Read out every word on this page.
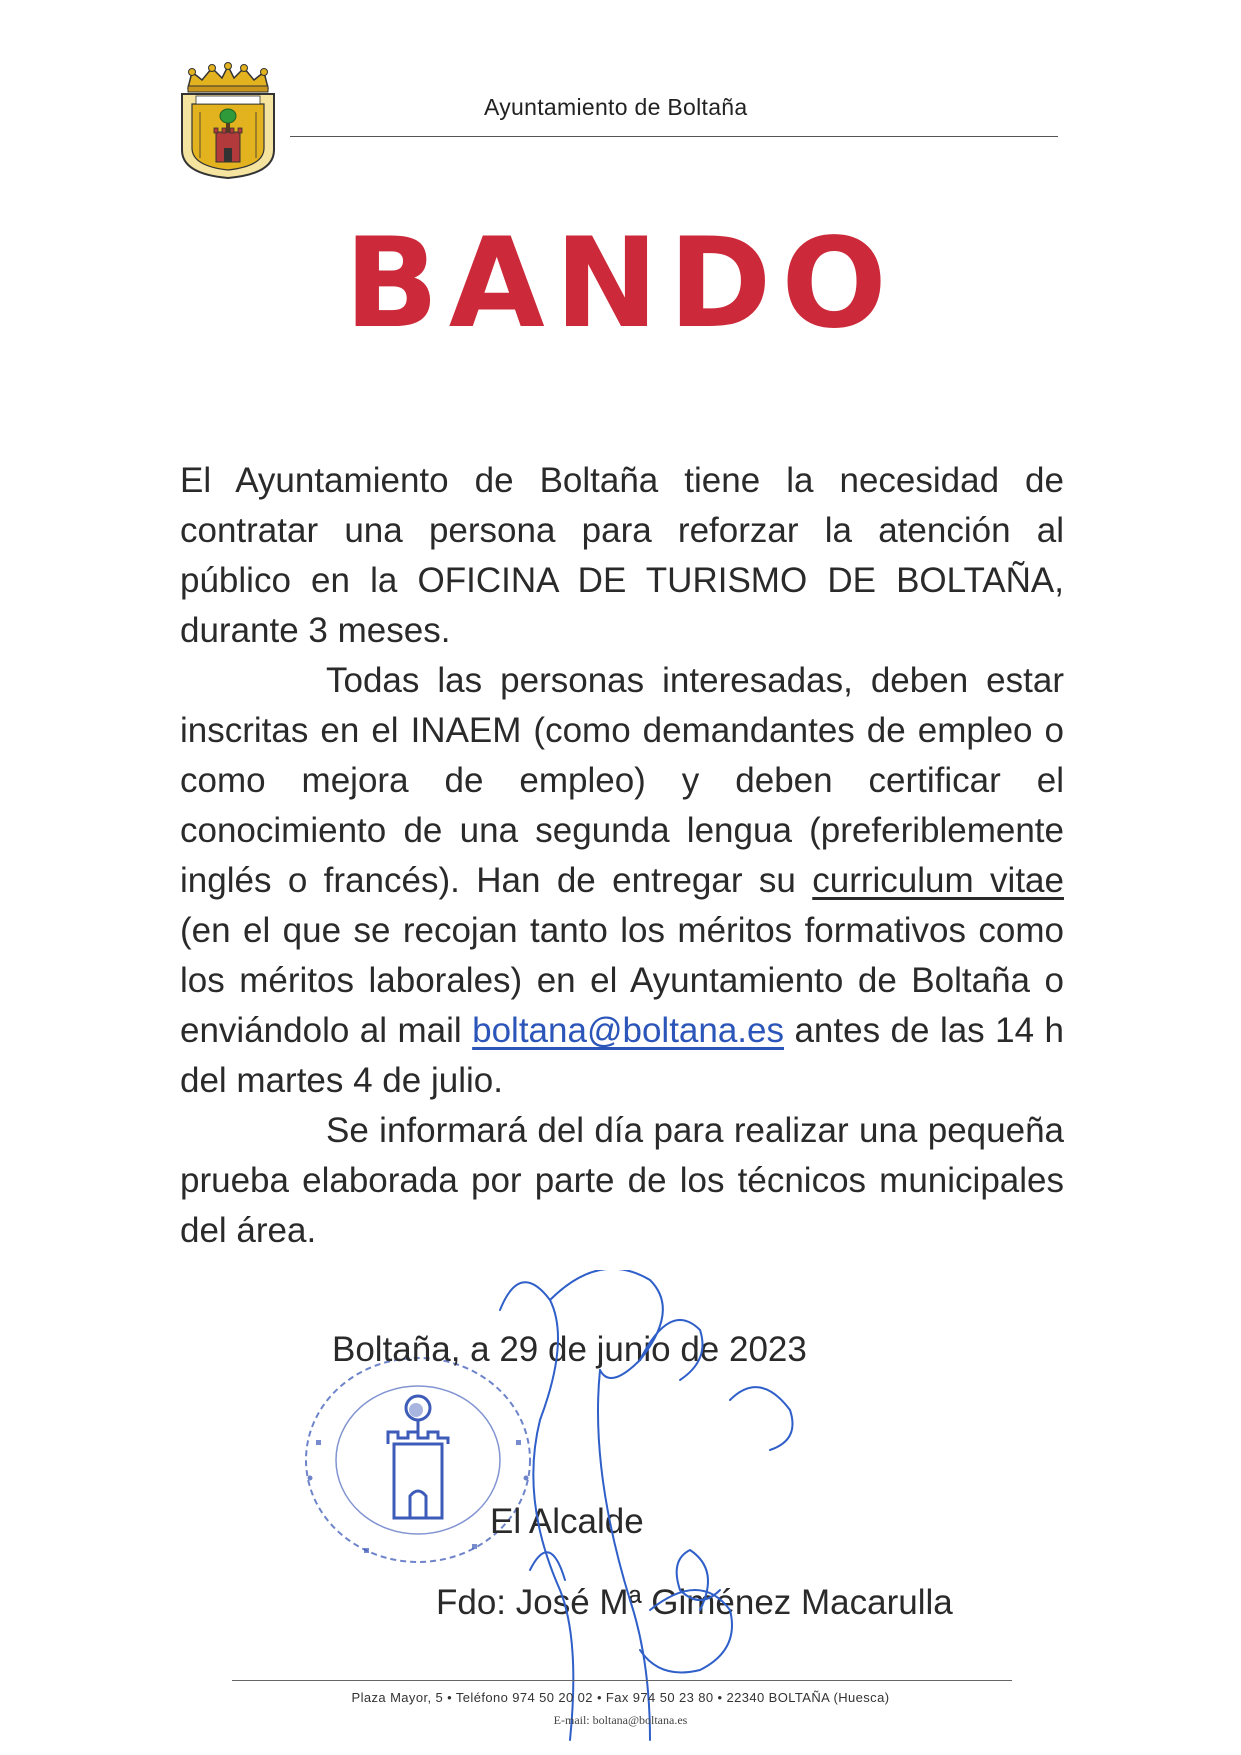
Ayuntamiento de Boltaña
BANDO

El Ayuntamiento de Boltaña tiene la necesidad de contratar una persona para reforzar la atención al público en la OFICINA DE TURISMO DE BOLTAÑA, durante 3 meses.

Todas las personas interesadas, deben estar inscritas en el INAEM (como demandantes de empleo o como mejora de empleo) y deben certificar el conocimiento de una segunda lengua (preferiblemente inglés o francés). Han de entregar su curriculum vitae (en el que se recojan tanto los méritos formativos como los méritos laborales) en el Ayuntamiento de Boltaña o enviándolo al mail boltana@boltana.es antes de las 14 h del martes 4 de julio.

Se informará del día para realizar una pequeña prueba elaborada por parte de los técnicos municipales del área.

Boltaña, a 29 de junio de 2023
El Alcalde
Fdo: José Mª Giménez Macarulla
Plaza Mayor, 5 • Teléfono 974 50 20 02 • Fax 974 50 23 80 • 22340 BOLTAÑA (Huesca)
E-mail: boltana@boltana.es
